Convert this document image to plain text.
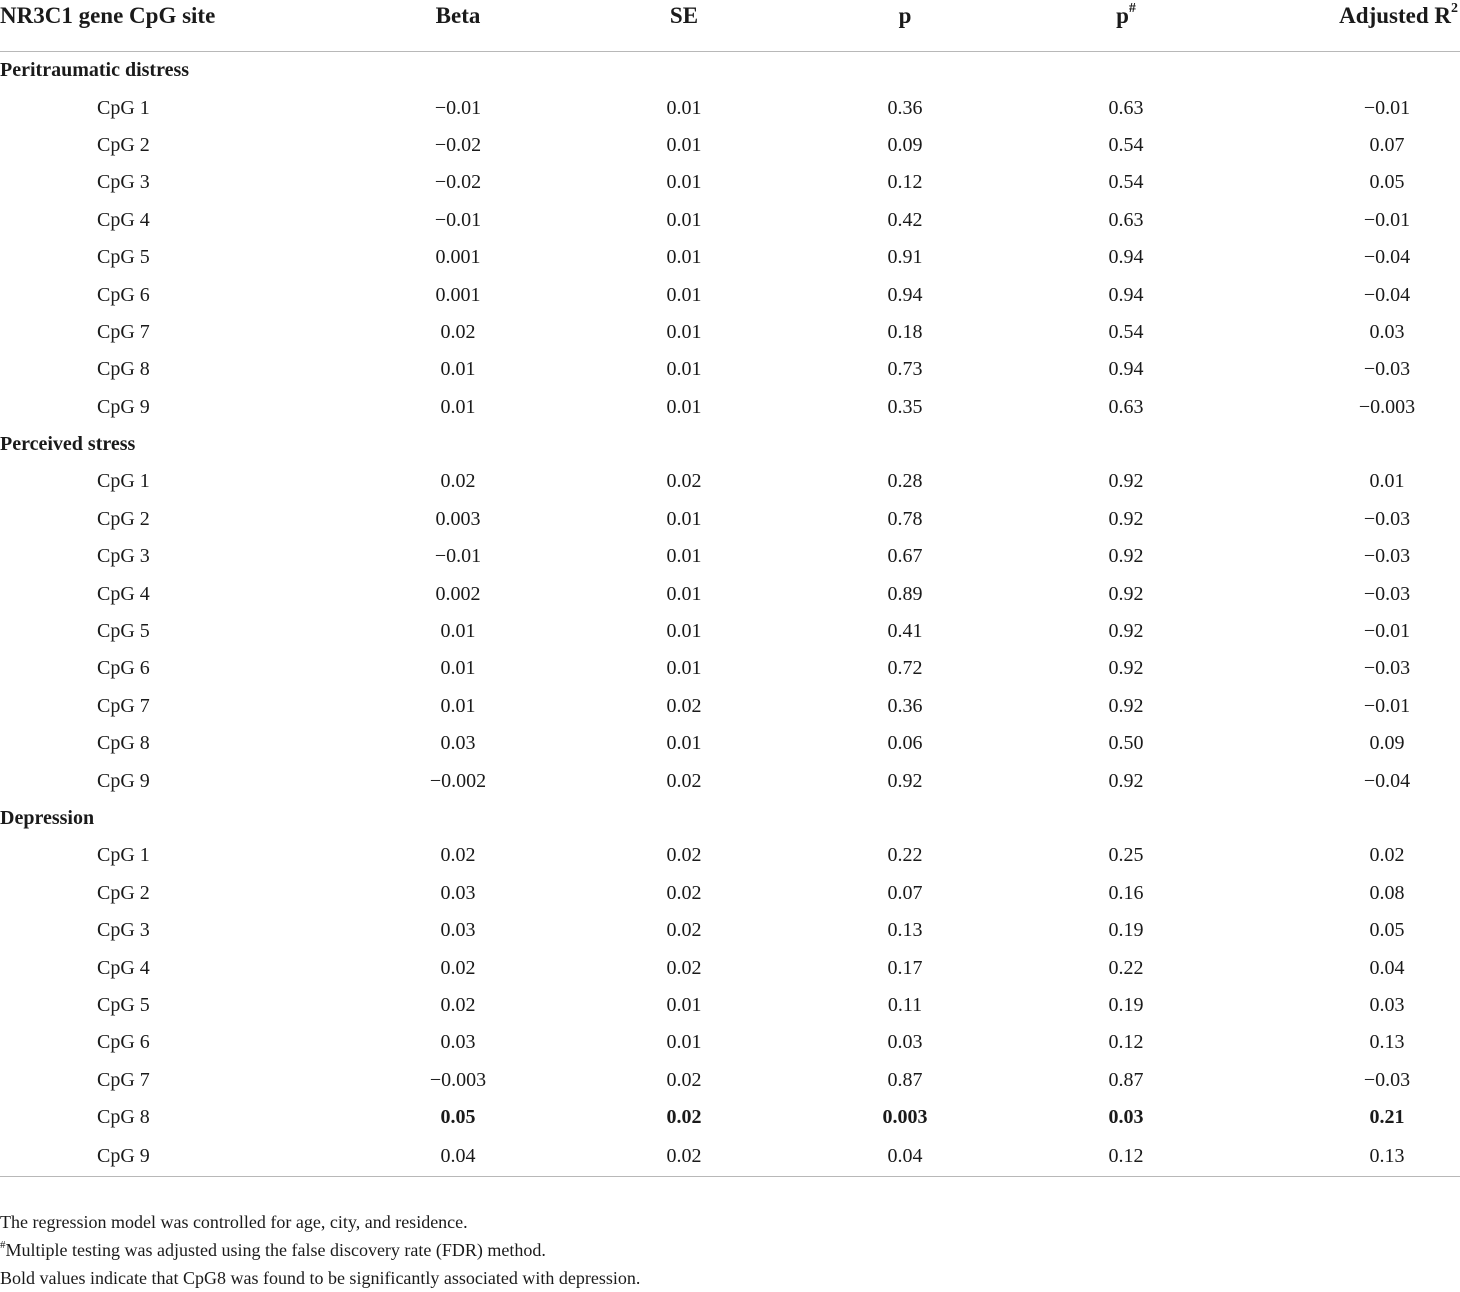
NR3C1 gene CpG site	Beta	SE	p	p#	Adjusted $R^2$
Peritraumatic distress					
CpG 1	−0.01	0.01	0.36	0.63	−0.01
CpG 2	−0.02	0.01	0.09	0.54	0.07
CpG 3	−0.02	0.01	0.12	0.54	0.05
CpG 4	−0.01	0.01	0.42	0.63	−0.01
CpG 5	0.001	0.01	0.91	0.94	−0.04
CpG 6	0.001	0.01	0.94	0.94	−0.04
CpG 7	0.02	0.01	0.18	0.54	0.03
CpG 8	0.01	0.01	0.73	0.94	−0.03
CpG 9	0.01	0.01	0.35	0.63	−0.003
Perceived stress					
CpG 1	0.02	0.02	0.28	0.92	0.01
CpG 2	0.003	0.01	0.78	0.92	−0.03
CpG 3	−0.01	0.01	0.67	0.92	−0.03
CpG 4	0.002	0.01	0.89	0.92	−0.03
CpG 5	0.01	0.01	0.41	0.92	−0.01
CpG 6	0.01	0.01	0.72	0.92	−0.03
CpG 7	0.01	0.02	0.36	0.92	−0.01
CpG 8	0.03	0.01	0.06	0.50	0.09
CpG 9	−0.002	0.02	0.92	0.92	−0.04
Depression					
CpG 1	0.02	0.02	0.22	0.25	0.02
CpG 2	0.03	0.02	0.07	0.16	0.08
CpG 3	0.03	0.02	0.13	0.19	0.05
CpG 4	0.02	0.02	0.17	0.22	0.04
CpG 5	0.02	0.01	0.11	0.19	0.03
CpG 6	0.03	0.01	0.03	0.12	0.13
CpG 7	−0.003	0.02	0.87	0.87	−0.03
CpG 8	0.05	0.02	0.003	0.03	0.21
CpG 9	0.04	0.02	0.04	0.12	0.13
The regression model was controlled for age, city, and residence.
#Multiple testing was adjusted using the false discovery rate (FDR) method.
Bold values indicate that CpG8 was found to be significantly associated with depression.
